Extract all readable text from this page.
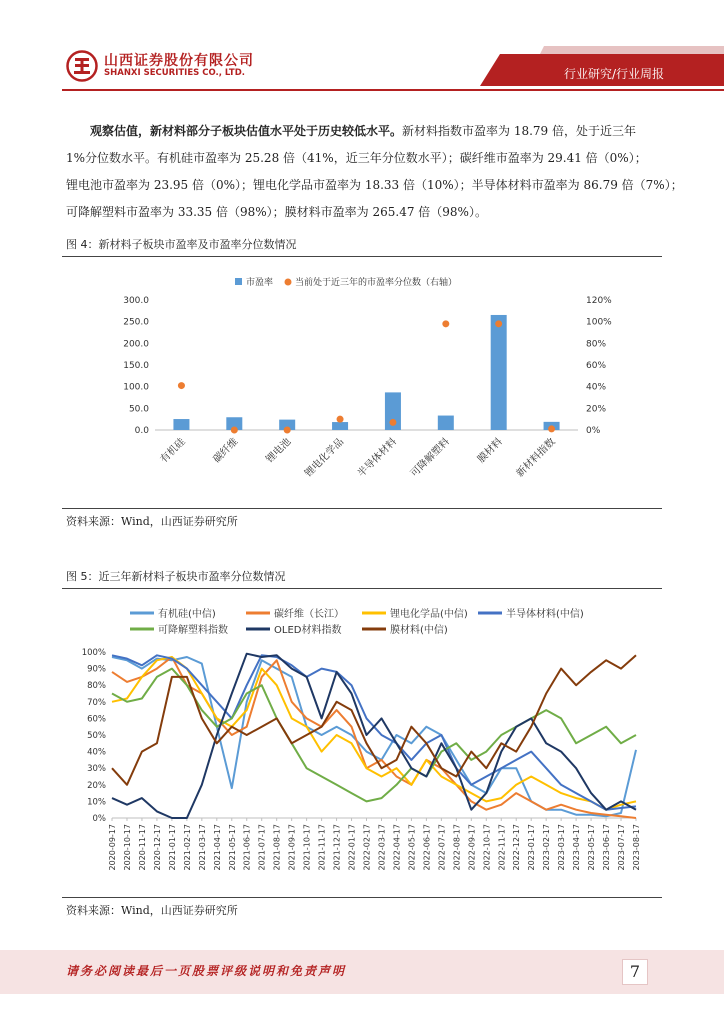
山西证券股份有限公司
SHANXI SECURITIES CO., LTD.	行业研究/行业周报
观察估值，新材料部分子板块估值水平处于历史较低水平。新材料指数市盈率为 18.79 倍，处于近三年
1%分位数水平。有机硅市盈率为 25.28 倍（41%，近三年分位数水平）；碳纤维市盈率为 29.41 倍（0%）；
锂电池市盈率为 23.95 倍（0%）；锂电化学品市盈率为 18.33 倍（10%）；半导体材料市盈率为 86.79 倍（7%）；
可降解塑料市盈率为 33.35 倍（98%）；膜材料市盈率为 265.47 倍（98%）。
图 4：新材料子板块市盈率及市盈率分位数情况
市盈率 当前处于近三年的市盈率分位数（右轴）
0.0
50.0
100.0
150.0
200.0
250.0
300.0
0%
20%
40%
60%
80%
100%
120%
有机硅 碳纤维 锂电池 锂电化学品 半导体材料 可降解塑料 膜材料 新材料指数
资料来源：Wind，山西证券研究所
图 5：近三年新材料子板块市盈率分位数情况
有机硅(中信)	碳纤维（长江）	锂电化学品(中信)	半导体材料(中信)
可降解塑料指数	OLED材料指数	膜材料(中信)
0%
10%
20%
30%
40%
50%
60%
70%
80%
90%
100%
2020-09-17 2020-10-17 2020-11-17 2020-12-17 2021-01-17 2021-02-17 2021-03-17 2021-04-17 2021-05-17 2021-06-17 2021-07-17 2021-08-17 2021-09-17 2021-10-17 2021-11-17 2021-12-17 2022-01-17 2022-02-17 2022-03-17 2022-04-17 2022-05-17 2022-06-17 2022-07-17 2022-08-17 2022-09-17 2022-10-17 2022-11-17 2022-12-17 2023-01-17 2023-02-17 2023-03-17 2023-04-17 2023-05-17 2023-06-17 2023-07-17 2023-08-17
资料来源：Wind，山西证券研究所
请务必阅读最后一页股票评级说明和免责声明	7
